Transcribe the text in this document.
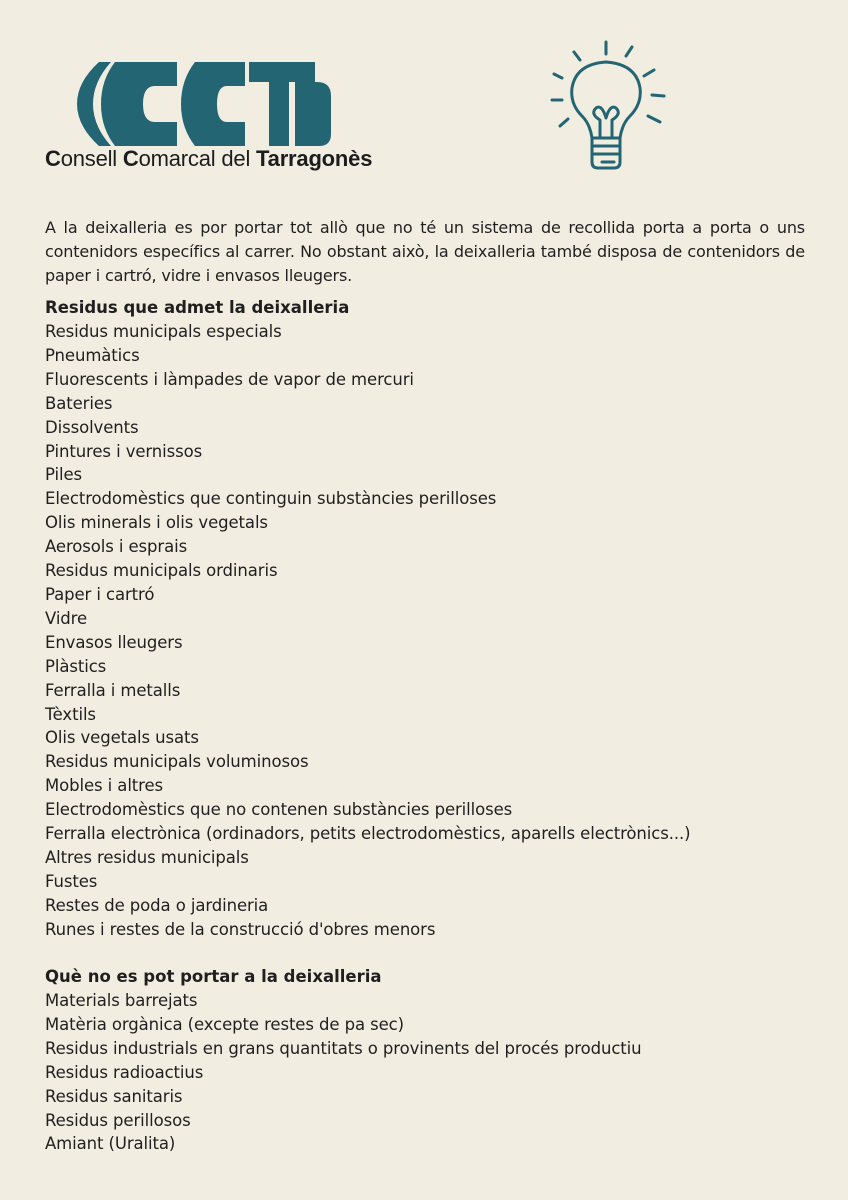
Consell Comarcal del Tarragonès

A la deixalleria es por portar tot allò que no té un sistema de recollida porta a porta o uns contenidors específics al carrer. No obstant això, la deixalleria també disposa de contenidors de paper i cartró, vidre i envasos lleugers.

Residus que admet la deixalleria
Residus municipals especials
Pneumàtics
Fluorescents i làmpades de vapor de mercuri
Bateries
Dissolvents
Pintures i vernissos
Piles
Electrodomèstics que continguin substàncies perilloses
Olis minerals i olis vegetals
Aerosols i esprais
Residus municipals ordinaris
Paper i cartró
Vidre
Envasos lleugers
Plàstics
Ferralla i metalls
Tèxtils
Olis vegetals usats
Residus municipals voluminosos
Mobles i altres
Electrodomèstics que no contenen substàncies perilloses
Ferralla electrònica (ordinadors, petits electrodomèstics, aparells electrònics...)
Altres residus municipals
Fustes
Restes de poda o jardineria
Runes i restes de la construcció d'obres menors
Què no es pot portar a la deixalleria
Materials barrejats
Matèria orgànica (excepte restes de pa sec)
Residus industrials en grans quantitats o provinents del procés productiu
Residus radioactius
Residus sanitaris
Residus perillosos
Amiant (Uralita)
